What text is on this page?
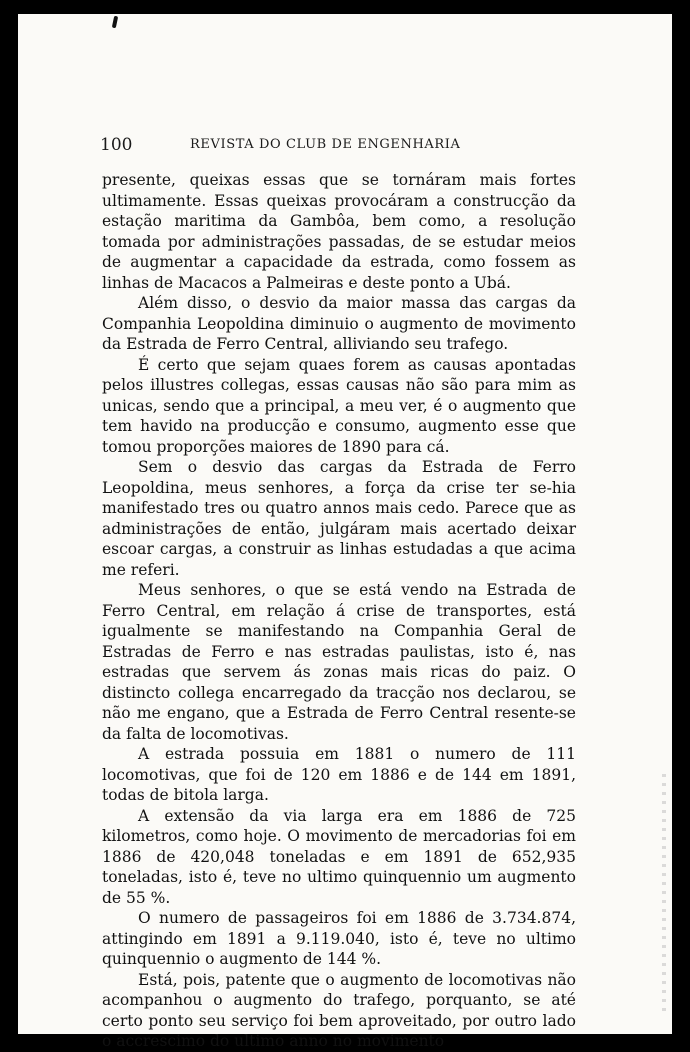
100	REVISTA DO CLUB DE ENGENHARIA

presente, queixas essas que se tornáram mais fortes ultimamente. Essas queixas provocáram a construcção da estação maritima da Gambôa, bem como, a resolução tomada por administrações passadas, de se estudar meios de augmentar a capacidade da estrada, como fossem as linhas de Macacos a Palmeiras e deste ponto a Ubá.

Além disso, o desvio da maior massa das cargas da Companhia Leopoldina diminuio o augmento de movimento da Estrada de Ferro Central, alliviando seu trafego.

É certo que sejam quaes forem as causas apontadas pelos illustres collegas, essas causas não são para mim as unicas, sendo que a principal, a meu ver, é o augmento que tem havido na producção e consumo, augmento esse que tomou proporções maiores de 1890 para cá.

Sem o desvio das cargas da Estrada de Ferro Leopoldina, meus senhores, a força da crise ter se-hia manifestado tres ou quatro annos mais cedo. Parece que as administrações de então, julgáram mais acertado deixar escoar cargas, a construir as linhas estudadas a que acima me referi.

Meus senhores, o que se está vendo na Estrada de Ferro Central, em relação á crise de transportes, está igualmente se manifestando na Companhia Geral de Estradas de Ferro e nas estradas paulistas, isto é, nas estradas que servem ás zonas mais ricas do paiz. O distincto collega encarregado da tracção nos declarou, se não me engano, que a Estrada de Ferro Central resente-se da falta de locomotivas.

A estrada possuia em 1881 o numero de 111 locomotivas, que foi de 120 em 1886 e de 144 em 1891, todas de bitola larga.

A extensão da via larga era em 1886 de 725 kilometros, como hoje. O movimento de mercadorias foi em 1886 de 420,048 toneladas e em 1891 de 652,935 toneladas, isto é, teve no ultimo quinquennio um augmento de 55 %.

O numero de passageiros foi em 1886 de 3.734.874, attingindo em 1891 a 9.119.040, isto é, teve no ultimo quinquennio o augmento de 144 %.

Está, pois, patente que o augmento de locomotivas não acompanhou o augmento do trafego, porquanto, se até certo ponto seu serviço foi bem aproveitado, por outro lado o accrescimo do ultimo anno no movimento
